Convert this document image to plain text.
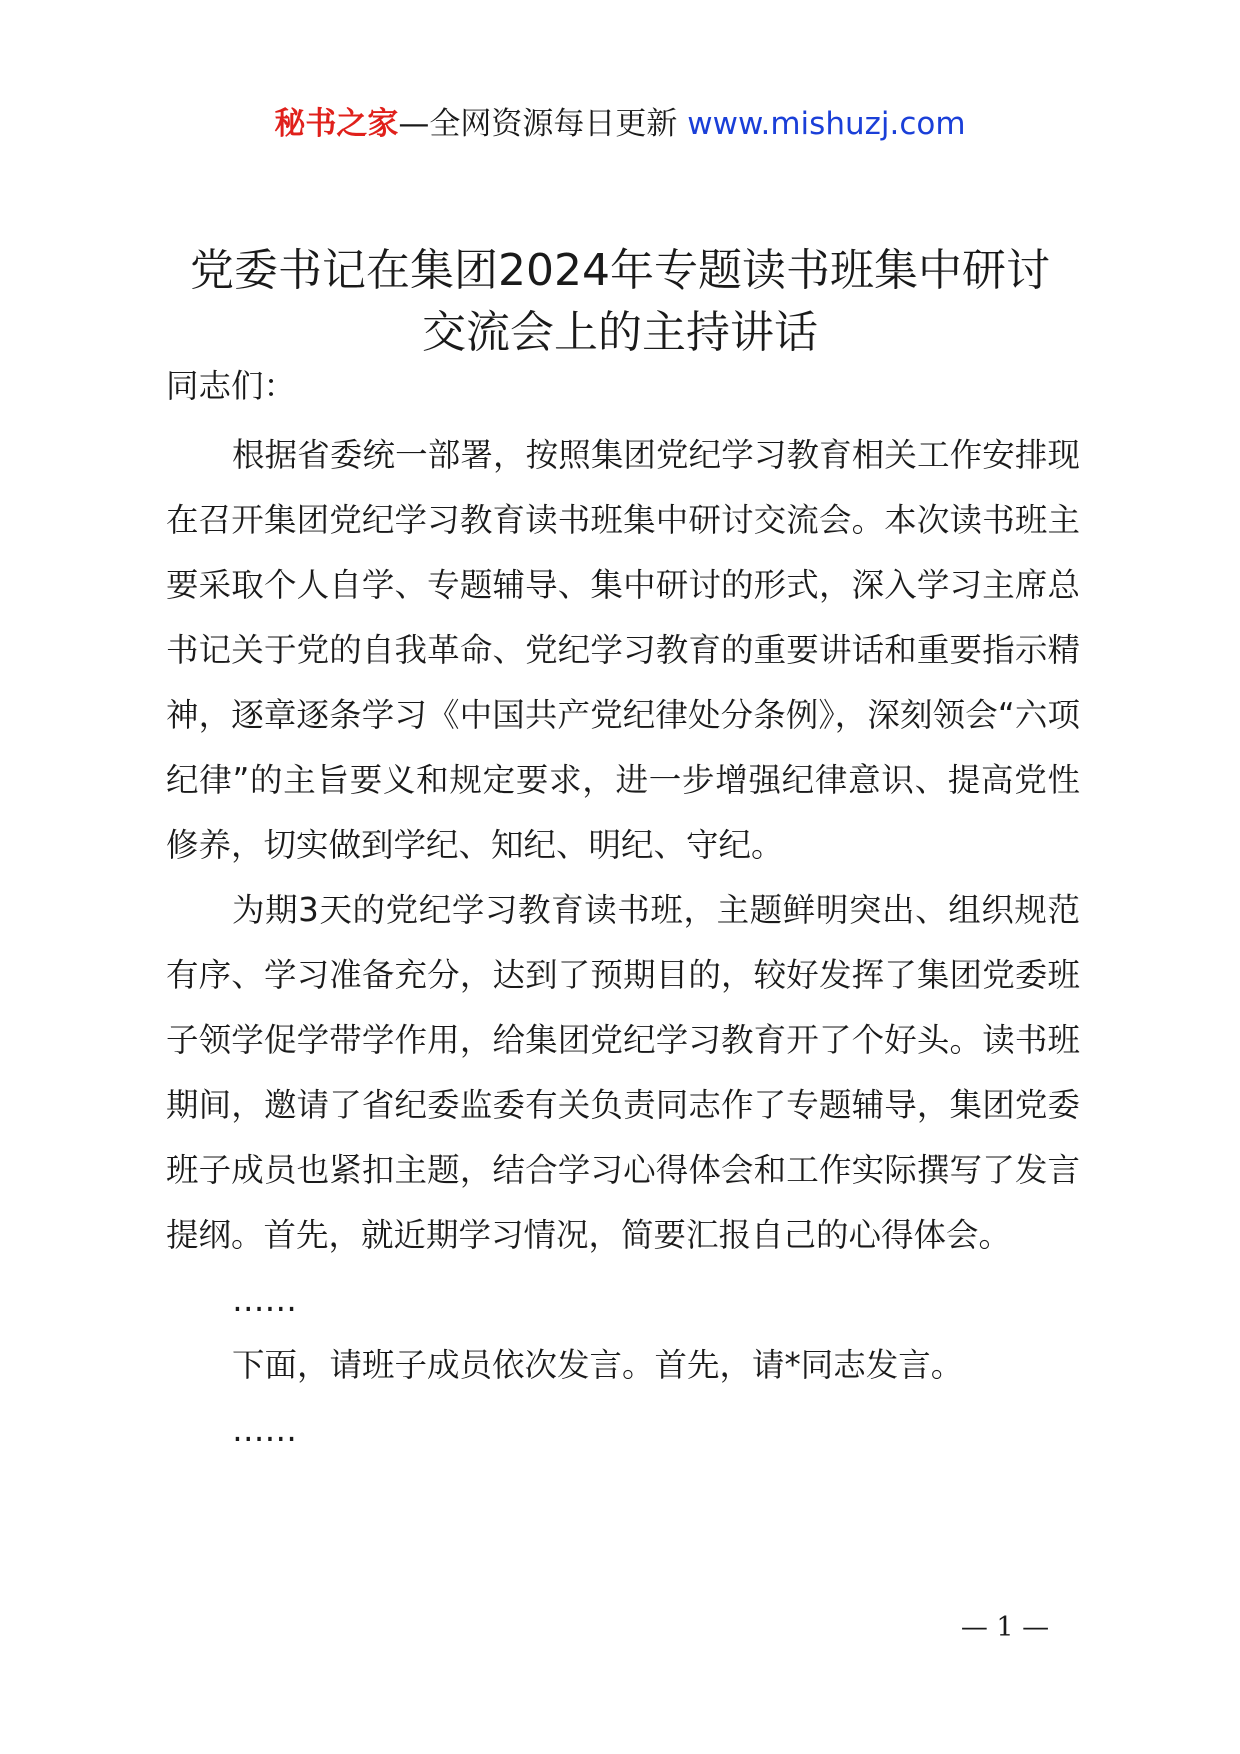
秘书之家—全网资源每日更新 www.mishuzj.com
党委书记在集团2024年专题读书班集中研讨
交流会上的主持讲话

同志们：

根据省委统一部署，按照集团党纪学习教育相关工作安排现在召开集团党纪学习教育读书班集中研讨交流会。本次读书班主要采取个人自学、专题辅导、集中研讨的形式，深入学习主席总书记关于党的自我革命、党纪学习教育的重要讲话和重要指示精神，逐章逐条学习《中国共产党纪律处分条例》，深刻领会“六项纪律”的主旨要义和规定要求，进一步增强纪律意识、提高党性修养，切实做到学纪、知纪、明纪、守纪。

为期3天的党纪学习教育读书班，主题鲜明突出、组织规范有序、学习准备充分，达到了预期目的，较好发挥了集团党委班子领学促学带学作用，给集团党纪学习教育开了个好头。读书班期间，邀请了省纪委监委有关负责同志作了专题辅导，集团党委班子成员也紧扣主题，结合学习心得体会和工作实际撰写了发言提纲。首先，就近期学习情况，简要汇报自己的心得体会。

……

下面，请班子成员依次发言。首先，请*同志发言。

……

— 1 —
